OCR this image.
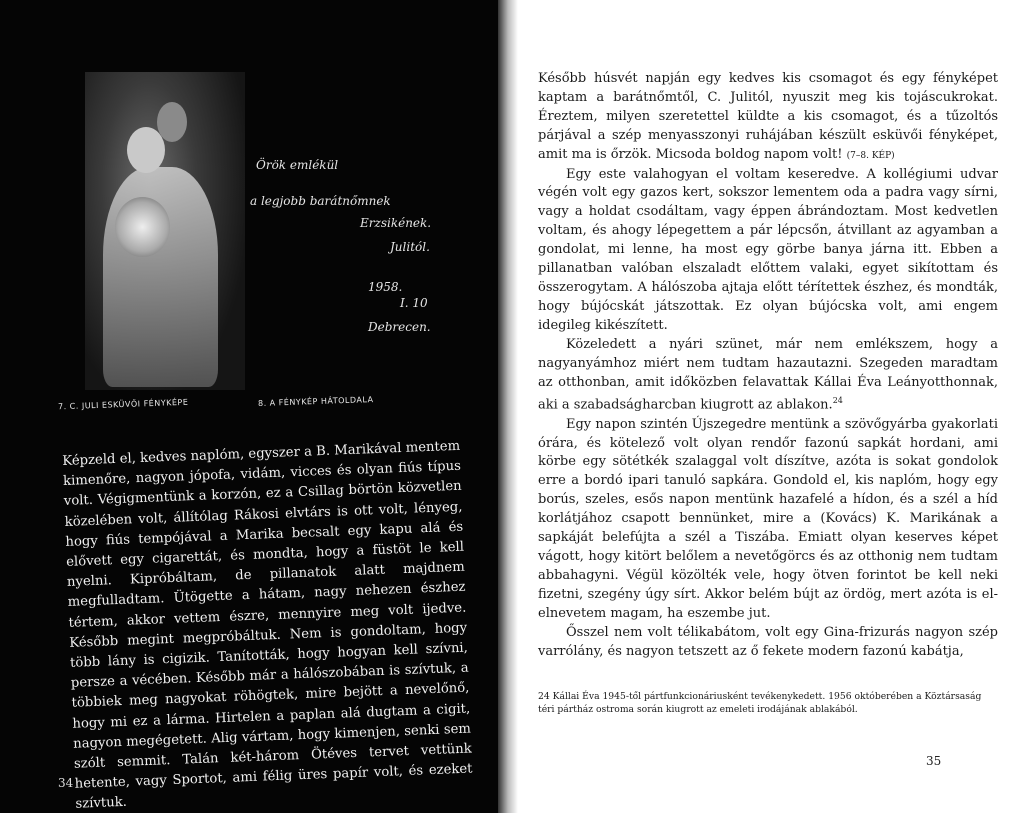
Örök emlékül
a legjobb barátnőmnek
Erzsikének.
Julitól.
1958.
I. 10
Debrecen.
7. C. JULI ESKÜVŐI FÉNYKÉPE	8. A FÉNYKÉP HÁTOLDALA

Képzeld el, kedves naplóm, egyszer a B. Marikával mentem kimenőre, nagyon jópofa, vidám, vicces és olyan fiús típus volt. Végigmentünk a korzón, ez a Csillag börtön közvetlen közelében volt, állítólag Rákosi elvtárs is ott volt, lényeg, hogy fiús tempójával a Marika becsalt egy kapu alá és elővett egy cigarettát, és mondta, hogy a füstöt le kell nyelni. Kipróbáltam, de pillanatok alatt majdnem megfulladtam. Ütögette a hátam, nagy nehezen észhez tértem, akkor vettem észre, mennyire meg volt ijedve. Később megint megpróbáltuk. Nem is gondoltam, hogy több lány is cigizik. Tanították, hogy hogyan kell szívni, persze a vécében. Később már a hálószobában is szívtuk, a többiek meg nagyokat röhögtek, mire bejött a nevelőnő, hogy mi ez a lárma. Hirtelen a paplan alá dugtam a cigit, nagyon megégetett. Alig vártam, hogy kimenjen, senki sem szólt semmit. Talán két-három Ötéves tervet vettünk hetente, vagy Sportot, ami félig üres papír volt, és ezeket szívtuk.

34

Később húsvét napján egy kedves kis csomagot és egy fényképet kaptam a barátnőmtől, C. Julitól, nyuszit meg kis tojáscukrokat. Éreztem, milyen szeretettel küldte a kis csomagot, és a tűzoltós párjával a szép menyasszonyi ruhájában készült esküvői fényképet, amit ma is őrzök. Micsoda boldog napom volt! (7–8. KÉP)

Egy este valahogyan el voltam keseredve. A kollégiumi udvar végén volt egy gazos kert, sokszor lementem oda a padra vagy sírni, vagy a holdat csodáltam, vagy éppen ábrándoztam. Most kedvetlen voltam, és ahogy lépegettem a pár lépcsőn, átvillant az agyamban a gondolat, mi lenne, ha most egy görbe banya járna itt. Ebben a pillanatban valóban elszaladt előttem valaki, egyet sikítottam és összerogytam. A hálószoba ajtaja előtt térítettek észhez, és mondták, hogy bújócskát játszottak. Ez olyan bújócska volt, ami engem idegileg kikészített.

Közeledett a nyári szünet, már nem emlékszem, hogy a nagyanyámhoz miért nem tudtam hazautazni. Szegeden maradtam az otthonban, amit időközben felavattak Kállai Éva Leányotthonnak, aki a szabadságharcban kiugrott az ablakon.$^{24}$

Egy napon szintén Újszegedre mentünk a szövőgyárba gyakorlati órára, és kötelező volt olyan rendőr fazonú sapkát hordani, ami körbe egy sötétkék szalaggal volt díszítve, azóta is sokat gondolok erre a bordó ipari tanuló sapkára. Gondold el, kis naplóm, hogy egy borús, szeles, esős napon mentünk hazafelé a hídon, és a szél a híd korlátjához csapott bennünket, mire a (Kovács) K. Marikának a sapkáját belefújta a szél a Tiszába. Emiatt olyan keserves képet vágott, hogy kitört belőlem a nevetőgörcs és az otthonig nem tudtam abbahagyni. Végül közölték vele, hogy ötven forintot be kell neki fizetni, szegény úgy sírt. Akkor belém bújt az ördög, mert azóta is el-elnevetem magam, ha eszembe jut.

Ősszel nem volt télikabátom, volt egy Gina-frizurás nagyon szép varrólány, és nagyon tetszett az ő fekete modern fazonú kabátja,

24 Kállai Éva 1945-től pártfunkcionáriusként tevékenykedett. 1956 októberében a Köztársaság téri pártház ostroma során kiugrott az emeleti irodájának ablakából.
35
